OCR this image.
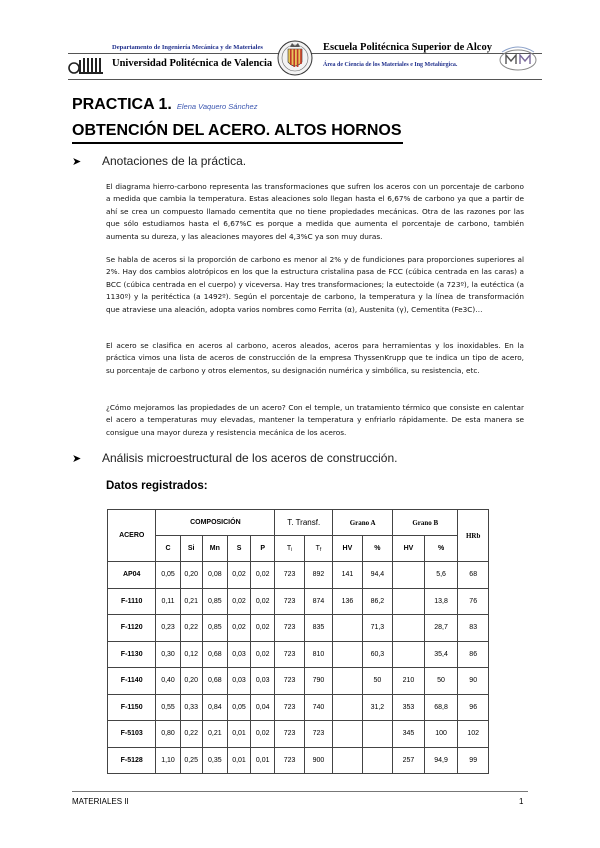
Departamento de Ingeniería Mecánica y de Materiales
Universidad Politécnica de Valencia
Escuela Politécnica Superior de Alcoy
Área de Ciencia de los Materiales e Ing Metalúrgica.
PRACTICA 1. Elena Vaquero Sánchez
OBTENCIÓN DEL ACERO. ALTOS HORNOS
➤	Anotaciones de la práctica.

El diagrama hierro-carbono representa las transformaciones que sufren los aceros con un porcentaje de carbono a medida que cambia la temperatura. Estas aleaciones solo llegan hasta el 6,67% de carbono ya que a partir de ahí se crea un compuesto llamado cementita que no tiene propiedades mecánicas. Otra de las razones por las que sólo estudiamos hasta el 6,67%C es porque a medida que aumenta el porcentaje de carbono, también aumenta su dureza, y las aleaciones mayores del 4,3%C ya son muy duras.

Se habla de aceros si la proporción de carbono es menor al 2% y de fundiciones para proporciones superiores al 2%. Hay dos cambios alotrópicos en los que la estructura cristalina pasa de FCC (cúbica centrada en las caras) a BCC (cúbica centrada en el cuerpo) y viceversa. Hay tres transformaciones; la eutectoide (a 723º), la eutéctica (a 1130º) y la peritéctica (a 1492º). Según el porcentaje de carbono, la temperatura y la línea de transformación que atraviese una aleación, adopta varios nombres como Ferrita (α), Austenita (γ), Cementita (Fe3C)…

El acero se clasifica en aceros al carbono, aceros aleados, aceros para herramientas y los inoxidables. En la práctica vimos una lista de aceros de construcción de la empresa ThyssenKrupp que te indica un tipo de acero, su porcentaje de carbono y otros elementos, su designación numérica y simbólica, su resistencia, etc.

¿Cómo mejoramos las propiedades de un acero? Con el temple, un tratamiento térmico que consiste en calentar el acero a temperaturas muy elevadas, mantener la temperatura y enfriarlo rápidamente. De esta manera se consigue una mayor dureza y resistencia mecánica de los aceros.

➤	Análisis microestructural de los aceros de construcción.
Datos registrados:
ACERO	COMPOSICIÓN					T. Transf.		Grano A		Grano B		HRb
	C	Si	Mn	S	P	$T_i$	$T_f$	HV	%	HV	%	
AP04	0,05	0,20	0,08	0,02	0,02	723	892	141	94,4		5,6	68
F-1110	0,11	0,21	0,85	0,02	0,02	723	874	136	86,2		13,8	76
F-1120	0,23	0,22	0,85	0,02	0,02	723	835		71,3		28,7	83
F-1130	0,30	0,12	0,68	0,03	0,02	723	810		60,3		35,4	86
F-1140	0,40	0,20	0,68	0,03	0,03	723	790		50	210	50	90
F-1150	0,55	0,33	0,84	0,05	0,04	723	740		31,2	353	68,8	96
F-5103	0,80	0,22	0,21	0,01	0,02	723	723			345	100	102
F-5128	1,10	0,25	0,35	0,01	0,01	723	900			257	94,9	99
MATERIALES II	1
